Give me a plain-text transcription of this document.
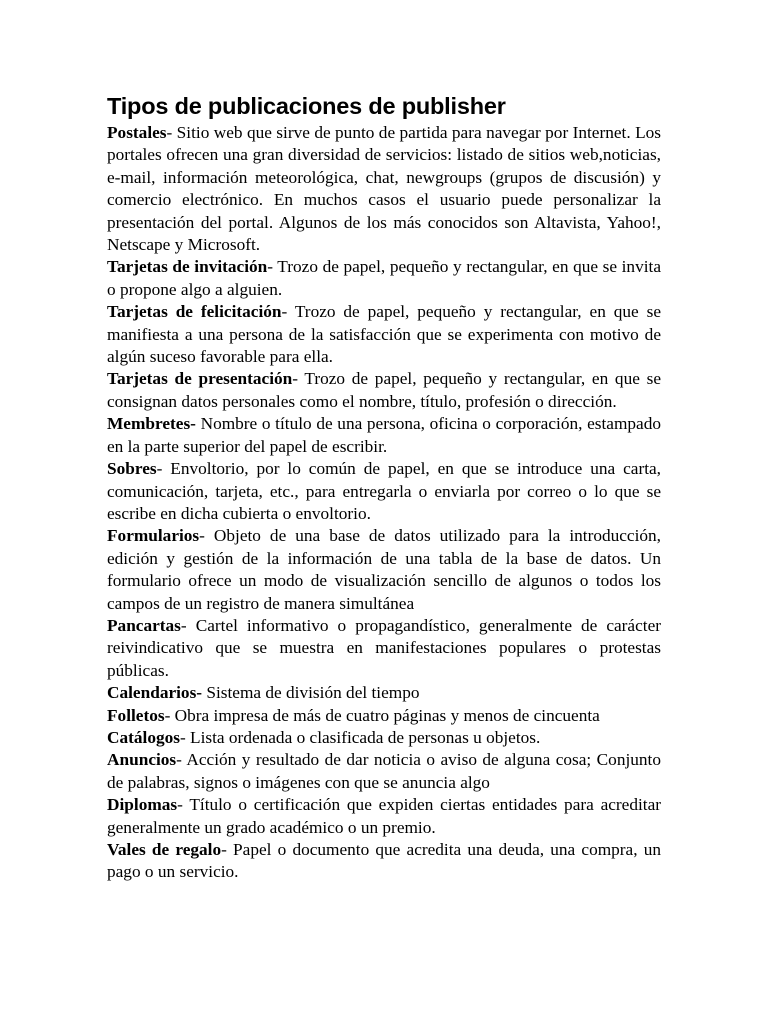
Tipos de publicaciones de publisher

Postales- Sitio web que sirve de punto de partida para navegar por Internet. Los portales ofrecen una gran diversidad de servicios: listado de sitios web,noticias, e-mail, información meteorológica, chat, newgroups (grupos de discusión) y comercio electrónico. En muchos casos el usuario puede personalizar la presentación del portal. Algunos de los más conocidos son Altavista, Yahoo!, Netscape y Microsoft.

Tarjetas de invitación- Trozo de papel, pequeño y rectangular, en que se invita o propone algo a alguien.

Tarjetas de felicitación- Trozo de papel, pequeño y rectangular, en que se manifiesta a una persona de la satisfacción que se experimenta con motivo de algún suceso favorable para ella.

Tarjetas de presentación- Trozo de papel, pequeño y rectangular, en que se consignan datos personales como el nombre, título, profesión o dirección.

Membretes- Nombre o título de una persona, oficina o corporación, estampado en la parte superior del papel de escribir.

Sobres- Envoltorio, por lo común de papel, en que se introduce una carta, comunicación, tarjeta, etc., para entregarla o enviarla por correo o lo que se escribe en dicha cubierta o envoltorio.

Formularios- Objeto de una base de datos utilizado para la introducción, edición y gestión de la información de una tabla de la base de datos. Un formulario ofrece un modo de visualización sencillo de algunos o todos los campos de un registro de manera simultánea

Pancartas- Cartel informativo o propagandístico, generalmente de carácter reivindicativo que se muestra en manifestaciones populares o protestas públicas.

Calendarios- Sistema de división del tiempo

Folletos- Obra impresa de más de cuatro páginas y menos de cincuenta

Catálogos- Lista ordenada o clasificada de personas u objetos.

Anuncios- Acción y resultado de dar noticia o aviso de alguna cosa; Conjunto de palabras, signos o imágenes con que se anuncia algo

Diplomas- Título o certificación que expiden ciertas entidades para acreditar generalmente un grado académico o un premio.

Vales de regalo- Papel o documento que acredita una deuda, una compra, un pago o un servicio.
